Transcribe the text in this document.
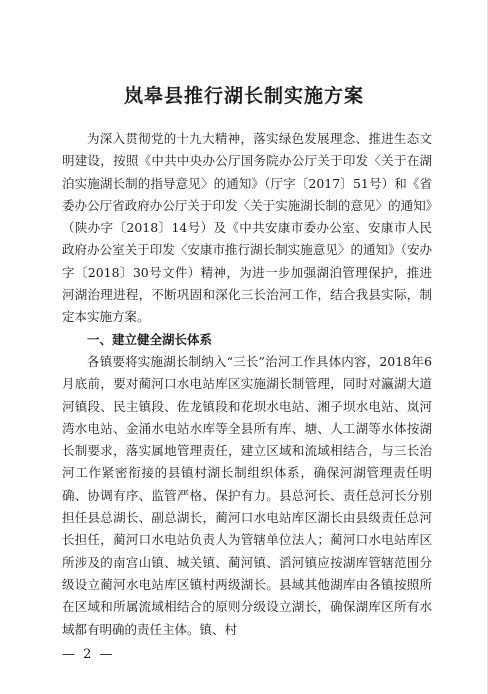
岚皋县推行湖长制实施方案

为深入贯彻党的十九大精神，落实绿色发展理念、推进生态文明建设，按照《中共中央办公厅国务院办公厅关于印发〈关于在湖泊实施湖长制的指导意见〉的通知》（厅字〔2017〕51号）和《省委办公厅省政府办公厅关于印发〈关于实施湖长制的意见〉的通知》（陕办字〔2018〕14号）及《中共安康市委办公室、安康市人民政府办公室关于印发〈安康市推行湖长制实施意见〉的通知》（安办字〔2018〕30号文件）精神，为进一步加强湖泊管理保护，推进河湖治理进程，不断巩固和深化三长治河工作，结合我县实际，制定本实施方案。

一、建立健全湖长体系

各镇要将实施湖长制纳入“三长”治河工作具体内容，2018年6月底前，要对蔺河口水电站库区实施湖长制管理，同时对瀛湖大道河镇段、民主镇段、佐龙镇段和花坝水电站、湘子坝水电站、岚河湾水电站、金涌水电站水库等全县所有库、塘、人工湖等水体按湖长制要求，落实属地管理责任，建立区域和流域相结合，与三长治河工作紧密衔接的县镇村湖长制组织体系，确保河湖管理责任明确、协调有序、监管严格、保护有力。县总河长、责任总河长分别担任县总湖长、副总湖长，蔺河口水电站库区湖长由县级责任总河长担任，蔺河口水电站负责人为管辖单位法人；蔺河口水电站库区所涉及的南宫山镇、城关镇、蔺河镇、滔河镇应按湖库管辖范围分级设立蔺河水电站库区镇村两级湖长。县域其他湖库由各镇按照所在区域和所属流域相结合的原则分级设立湖长，确保湖库区所有水域都有明确的责任主体。镇、村

— 2 —
